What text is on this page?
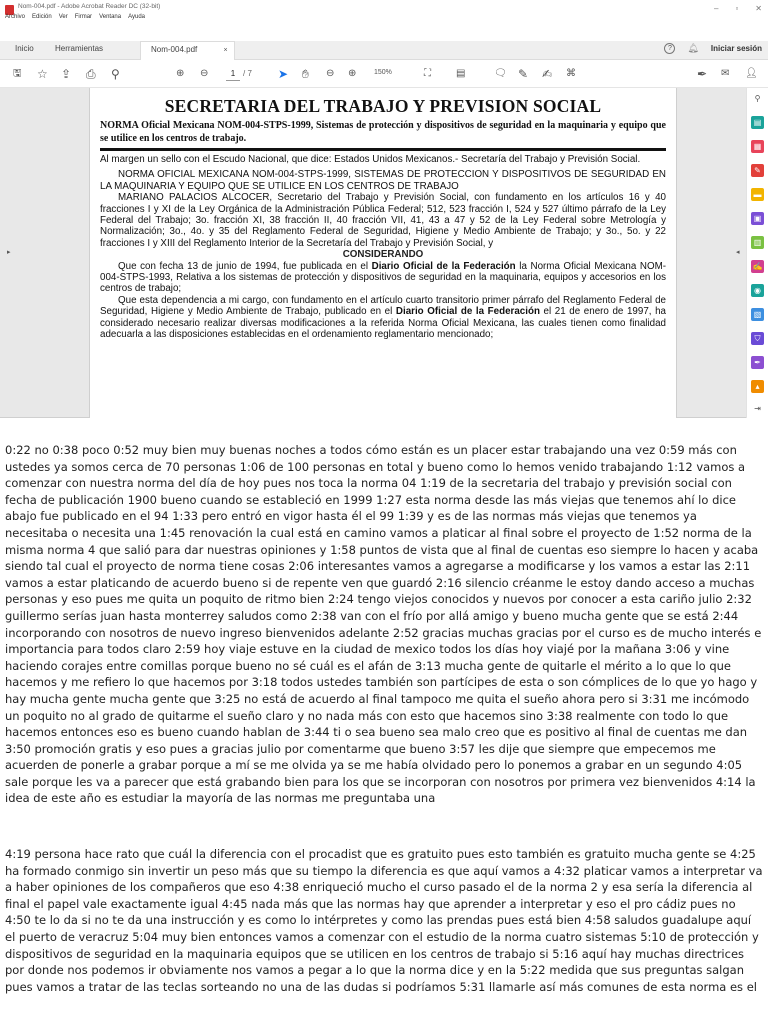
Nom-004.pdf - Adobe Acrobat Reader DC (32-bit)
Archivo Edición Ver Firmar Ventana Ayuda
– ▫ ✕
Inicio	Herramientas	Nom-004.pdf	×	?	🔔︎ Iniciar sesión
🖫 ☆ ⇪ ⎙ ⚲	⊕ ⊖	1 / 7 ➤ ✋︎ ⊖ ⊕	150%	⛶	▤	🗨︎ ✎ ✍︎ ⌘	✒︎ ✉ 👤︎
▸
SECRETARIA DEL TRABAJO Y PREVISION SOCIAL
NORMA Oficial Mexicana NOM-004-STPS-1999, Sistemas de protección y dispositivos de seguridad en la maquinaria y equipo que se utilice en los centros de trabajo.

Al margen un sello con el Escudo Nacional, que dice: Estados Unidos Mexicanos.- Secretaría del Trabajo y Previsión Social.

NORMA OFICIAL MEXICANA NOM-004-STPS-1999, SISTEMAS DE PROTECCION Y DISPOSITIVOS DE SEGURIDAD EN LA MAQUINARIA Y EQUIPO QUE SE UTILICE EN LOS CENTROS DE TRABAJO

MARIANO PALACIOS ALCOCER, Secretario del Trabajo y Previsión Social, con fundamento en los artículos 16 y 40 fracciones I y XI de la Ley Orgánica de la Administración Pública Federal; 512, 523 fracción I, 524 y 527 último párrafo de la Ley Federal del Trabajo; 3o. fracción XI, 38 fracción II, 40 fracción VII, 41, 43 a 47 y 52 de la Ley Federal sobre Metrología y Normalización; 3o., 4o. y 35 del Reglamento Federal de Seguridad, Higiene y Medio Ambiente de Trabajo; y 3o., 5o. y 22 fracciones I y XIII del Reglamento Interior de la Secretaría del Trabajo y Previsión Social, y

CONSIDERANDO

Que con fecha 13 de junio de 1994, fue publicada en el Diario Oficial de la Federación la Norma Oficial Mexicana NOM-004-STPS-1993, Relativa a los sistemas de protección y dispositivos de seguridad en la maquinaria, equipos y accesorios en los centros de trabajo;

Que esta dependencia a mi cargo, con fundamento en el artículo cuarto transitorio primer párrafo del Reglamento Federal de Seguridad, Higiene y Medio Ambiente de Trabajo, publicado en el Diario Oficial de la Federación el 21 de enero de 1997, ha considerado necesario realizar diversas modificaciones a la referida Norma Oficial Mexicana, las cuales tienen como finalidad adecuarla a las disposiciones establecidas en el ordenamiento reglamentario mencionado;

◂
⚲
▤
▦
✎
▬
▣
▥
✍
◉
▧
⛉
✒
▴
⇥

0:22 no 0:38 poco 0:52 muy bien muy buenas noches a todos cómo están es un placer estar trabajando una vez 0:59 más con ustedes ya somos cerca de 70 personas 1:06 de 100 personas en total y bueno como lo hemos venido trabajando 1:12 vamos a comenzar con nuestra norma del día de hoy pues nos toca la norma 04 1:19 de la secretaria del trabajo y previsión social con fecha de publicación 1900 bueno cuando se estableció en 1999 1:27 esta norma desde las más viejas que tenemos ahí lo dice abajo fue publicado en el 94 1:33 pero entró en vigor hasta él el 99 1:39 y es de las normas más viejas que tenemos ya necesitaba o necesita una 1:45 renovación la cual está en camino vamos a platicar al final sobre el proyecto de 1:52 norma de la misma norma 4 que salió para dar nuestras opiniones y 1:58 puntos de vista que al final de cuentas eso siempre lo hacen y acaba siendo tal cual el proyecto de norma tiene cosas 2:06 interesantes vamos a agregarse a modificarse y los vamos a estar las 2:11 vamos a estar platicando de acuerdo bueno si de repente ven que guardó 2:16 silencio créanme le estoy dando acceso a muchas personas y eso pues me quita un poquito de ritmo bien 2:24 tengo viejos conocidos y nuevos por conocer a esta cariño julio 2:32 guillermo serías juan hasta monterrey saludos como 2:38 van con el frío por allá amigo y bueno mucha gente que se está 2:44 incorporando con nosotros de nuevo ingreso bienvenidos adelante 2:52 gracias muchas gracias por el curso es de mucho interés e importancia para todos claro 2:59 hoy viaje estuve en la ciudad de mexico todos los días hoy viajé por la mañana 3:06 y vine haciendo corajes entre comillas porque bueno no sé cuál es el afán de 3:13 mucha gente de quitarle el mérito a lo que lo que hacemos y me refiero lo que hacemos por 3:18 todos ustedes también son partícipes de esta o son cómplices de lo que yo hago y hay mucha gente mucha gente que 3:25 no está de acuerdo al final tampoco me quita el sueño ahora pero si 3:31 me incómodo un poquito no al grado de quitarme el sueño claro y no nada más con esto que hacemos sino 3:38 realmente con todo lo que hacemos entonces eso es bueno cuando hablan de 3:44 ti o sea bueno sea malo creo que es positivo al final de cuentas me dan 3:50 promoción gratis y eso pues a gracias julio por comentarme que bueno 3:57 les dije que siempre que empecemos me acuerden de ponerle a grabar porque a mí se me olvida ya se me había olvidado pero lo ponemos a grabar en un segundo 4:05 sale porque les va a parecer que está grabando bien para los que se incorporan con nosotros por primera vez bienvenidos 4:14 la idea de este año es estudiar la mayoría de las normas me preguntaba una

4:19 persona hace rato que cuál la diferencia con el procadist que es gratuito pues esto también es gratuito mucha gente se 4:25 ha formado conmigo sin invertir un peso más que su tiempo la diferencia es que aquí vamos a 4:32 platicar vamos a interpretar va a haber opiniones de los compañeros que eso 4:38 enriqueció mucho el curso pasado el de la norma 2 y esa sería la diferencia al final el papel vale exactamente igual 4:45 nada más que las normas hay que aprender a interpretar y eso el pro cádiz pues no 4:50 te lo da si no te da una instrucción y es como lo intérpretes y como las prendas pues está bien 4:58 saludos guadalupe aquí el puerto de veracruz 5:04 muy bien entonces vamos a comenzar con el estudio de la norma cuatro sistemas 5:10 de protección y dispositivos de seguridad en la maquinaria equipos que se utilicen en los centros de trabajo si 5:16 aquí hay muchas directrices por donde nos podemos ir obviamente nos vamos a pegar a lo que la norma dice y en la 5:22 medida que sus preguntas salgan pues vamos a tratar de las teclas sorteando no una de las dudas si podríamos 5:31 llamarle así más comunes de esta norma es el
